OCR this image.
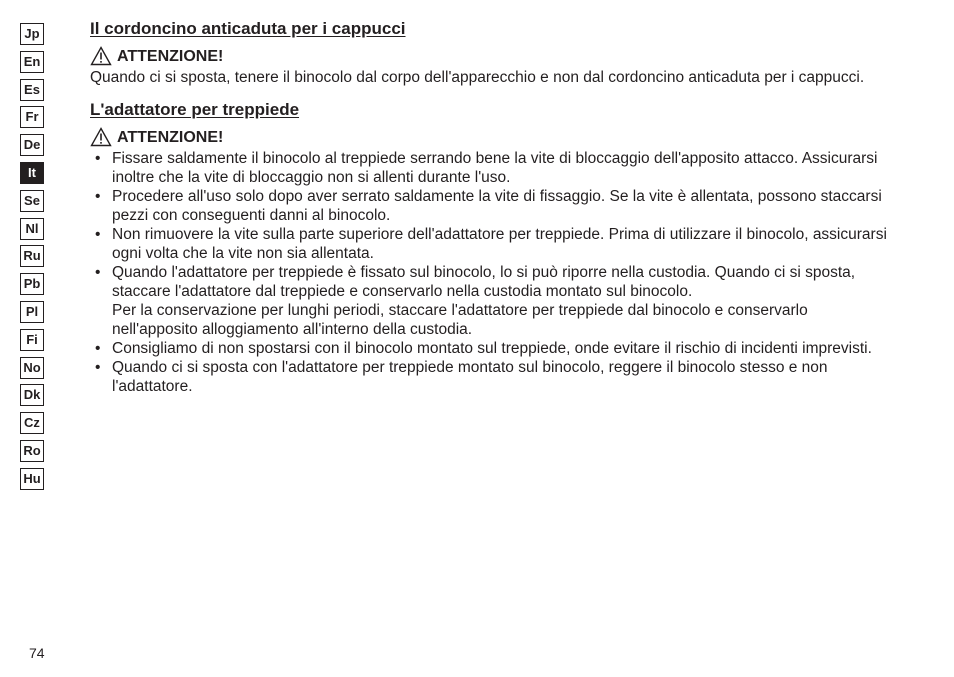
Jp
En
Es
Fr
De
It
Se
Nl
Ru
Pb
Pl
Fi
No
Dk
Cz
Ro
Hu
Il cordoncino anticaduta per i cappucci
ATTENZIONE!

Quando ci si sposta, tenere il binocolo dal corpo dell'apparecchio e non dal cordoncino anticaduta per i cappucci.

L'adattatore per treppiede
ATTENZIONE!
• Fissare saldamente il binocolo al treppiede serrando bene la vite di bloccaggio dell'apposito attacco. Assicurarsi inoltre che la vite di bloccaggio non si allenti durante l'uso.
• Procedere all'uso solo dopo aver serrato saldamente la vite di fissaggio. Se la vite è allentata, possono staccarsi pezzi con conseguenti danni al binocolo.
• Non rimuovere la vite sulla parte superiore dell'adattatore per treppiede. Prima di utilizzare il binocolo, assicurarsi ogni volta che la vite non sia allentata.
• Quando l'adattatore per treppiede è fissato sul binocolo, lo si può riporre nella custodia. Quando ci si sposta, staccare l'adattatore dal treppiede e conservarlo nella custodia montato sul binocolo.
Per la conservazione per lunghi periodi, staccare l'adattatore per treppiede dal binocolo e conservarlo nell'apposito alloggiamento all'interno della custodia.
• Consigliamo di non spostarsi con il binocolo montato sul treppiede, onde evitare il rischio di incidenti imprevisti.
• Quando ci si sposta con l'adattatore per treppiede montato sul binocolo, reggere il binocolo stesso e non l'adattatore.
74
